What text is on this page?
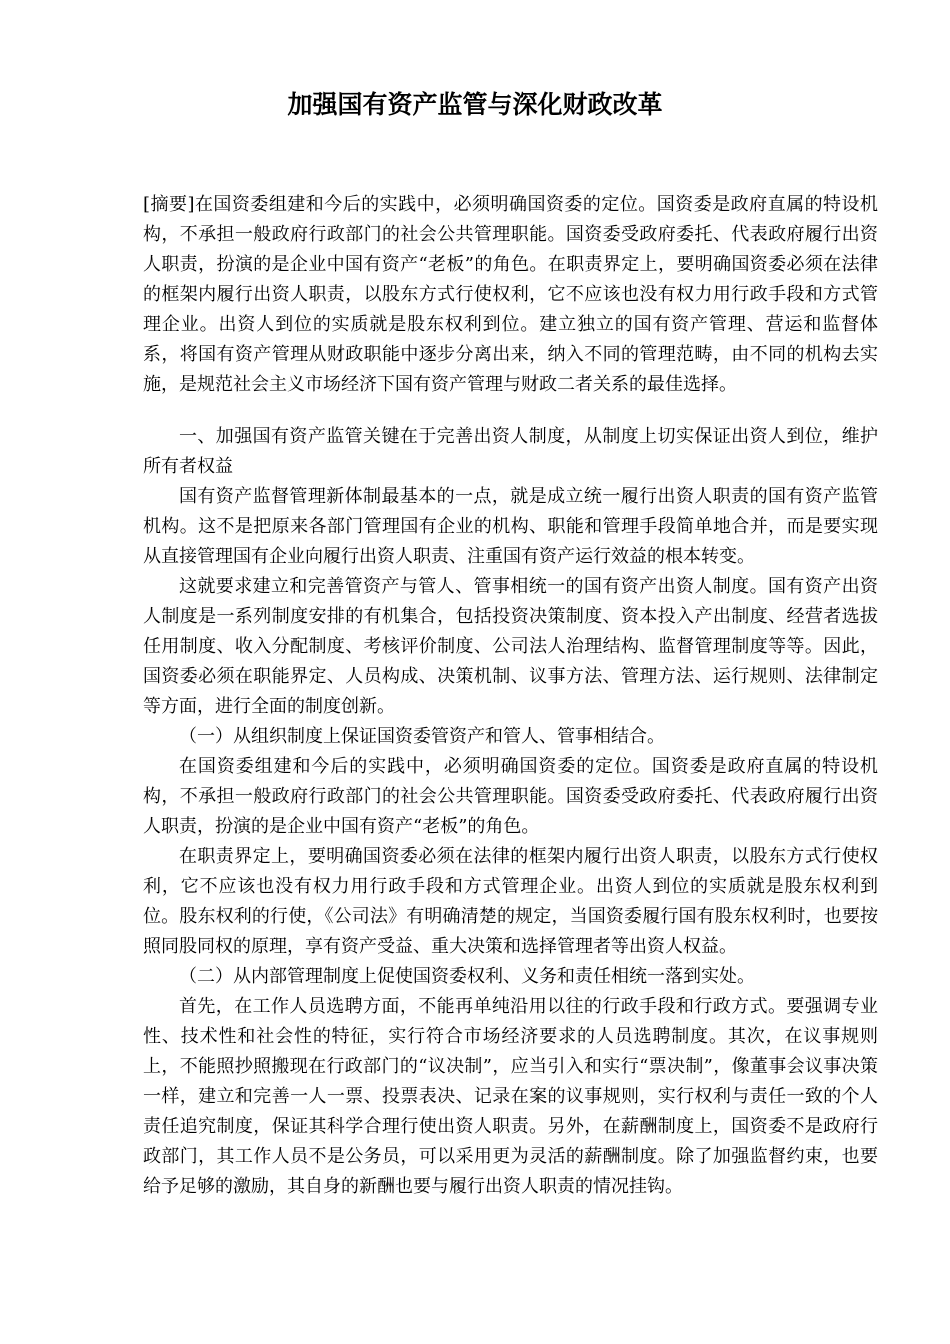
加强国有资产监管与深化财政改革

[摘要]在国资委组建和今后的实践中，必须明确国资委的定位。国资委是政府直属的特设机构，不承担一般政府行政部门的社会公共管理职能。国资委受政府委托、代表政府履行出资人职责，扮演的是企业中国有资产“老板”的角色。在职责界定上，要明确国资委必须在法律的框架内履行出资人职责，以股东方式行使权利，它不应该也没有权力用行政手段和方式管理企业。出资人到位的实质就是股东权利到位。建立独立的国有资产管理、营运和监督体系，将国有资产管理从财政职能中逐步分离出来，纳入不同的管理范畴，由不同的机构去实施，是规范社会主义市场经济下国有资产管理与财政二者关系的最佳选择。

一、加强国有资产监管关键在于完善出资人制度，从制度上切实保证出资人到位，维护所有者权益

国有资产监督管理新体制最基本的一点，就是成立统一履行出资人职责的国有资产监管机构。这不是把原来各部门管理国有企业的机构、职能和管理手段简单地合并，而是要实现从直接管理国有企业向履行出资人职责、注重国有资产运行效益的根本转变。

这就要求建立和完善管资产与管人、管事相统一的国有资产出资人制度。国有资产出资人制度是一系列制度安排的有机集合，包括投资决策制度、资本投入产出制度、经营者选拔任用制度、收入分配制度、考核评价制度、公司法人治理结构、监督管理制度等等。因此，国资委必须在职能界定、人员构成、决策机制、议事方法、管理方法、运行规则、法律制定等方面，进行全面的制度创新。

（一）从组织制度上保证国资委管资产和管人、管事相结合。

在国资委组建和今后的实践中，必须明确国资委的定位。国资委是政府直属的特设机构，不承担一般政府行政部门的社会公共管理职能。国资委受政府委托、代表政府履行出资人职责，扮演的是企业中国有资产“老板”的角色。

在职责界定上，要明确国资委必须在法律的框架内履行出资人职责，以股东方式行使权利，它不应该也没有权力用行政手段和方式管理企业。出资人到位的实质就是股东权利到位。股东权利的行使，《公司法》有明确清楚的规定，当国资委履行国有股东权利时，也要按照同股同权的原理，享有资产受益、重大决策和选择管理者等出资人权益。

（二）从内部管理制度上促使国资委权利、义务和责任相统一落到实处。

首先，在工作人员选聘方面，不能再单纯沿用以往的行政手段和行政方式。要强调专业性、技术性和社会性的特征，实行符合市场经济要求的人员选聘制度。其次，在议事规则上，不能照抄照搬现在行政部门的“议决制”，应当引入和实行“票决制”，像董事会议事决策一样，建立和完善一人一票、投票表决、记录在案的议事规则，实行权利与责任一致的个人责任追究制度，保证其科学合理行使出资人职责。另外，在薪酬制度上，国资委不是政府行政部门，其工作人员不是公务员，可以采用更为灵活的薪酬制度。除了加强监督约束，也要给予足够的激励，其自身的新酬也要与履行出资人职责的情况挂钩。
